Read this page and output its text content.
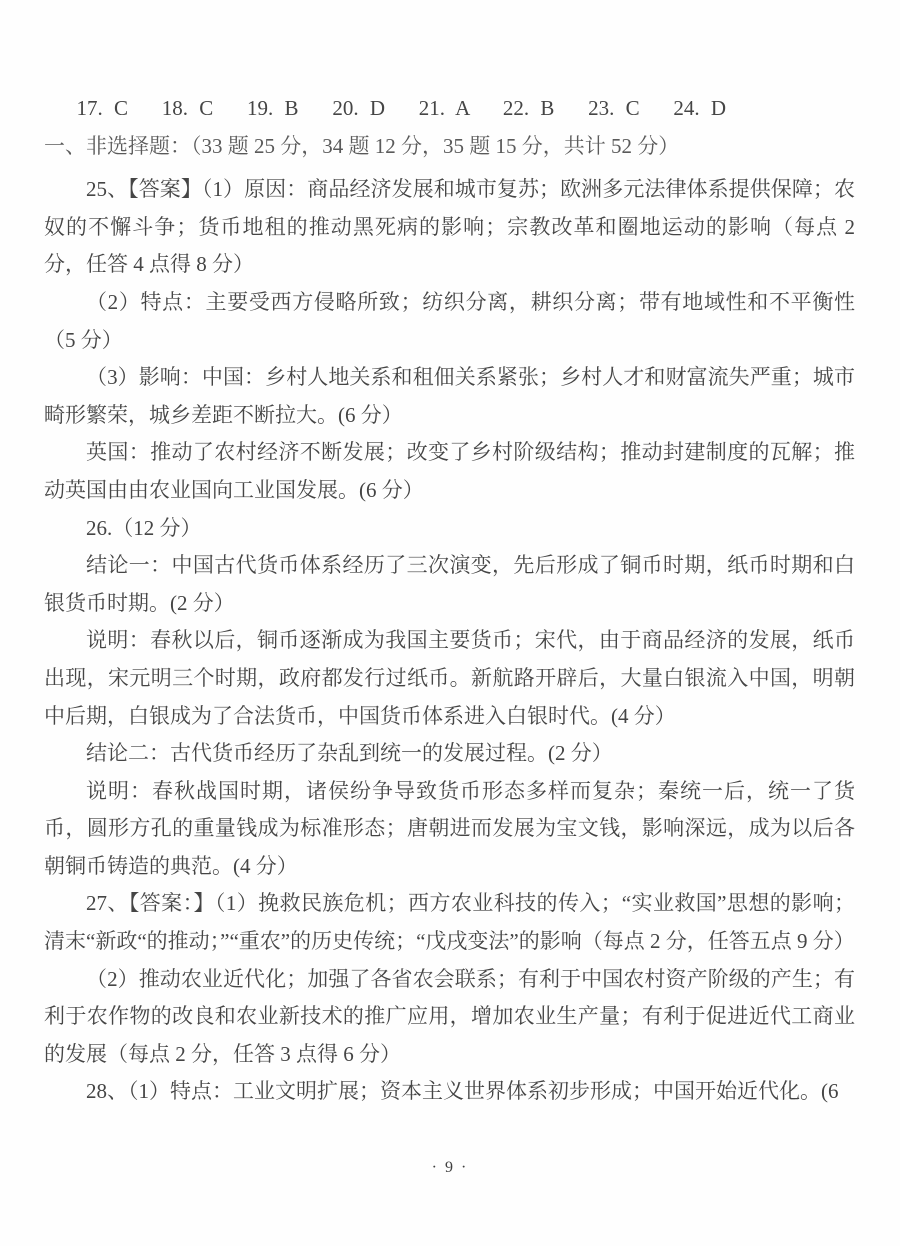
17. C   18. C   19. B   20. D   21. A   22. B   23. C   24. D

一、非选择题：（33 题 25 分，34 题 12 分，35 题 15 分，共计 52 分）

25、【答案】（1）原因：商品经济发展和城市复苏；欧洲多元法律体系提供保障；农奴的不懈斗争；货币地租的推动黑死病的影响；宗教改革和圈地运动的影响（每点 2 分，任答 4 点得 8 分）

（2）特点：主要受西方侵略所致；纺织分离，耕织分离；带有地域性和不平衡性（5 分）

（3）影响：中国：乡村人地关系和租佃关系紧张；乡村人才和财富流失严重；城市畸形繁荣，城乡差距不断拉大。(6 分）

英国：推动了农村经济不断发展；改变了乡村阶级结构；推动封建制度的瓦解；推动英国由由农业国向工业国发展。(6 分）

26.（12 分）

结论一：中国古代货币体系经历了三次演变，先后形成了铜币时期，纸币时期和白银货币时期。(2 分）

说明：春秋以后，铜币逐渐成为我国主要货币；宋代，由于商品经济的发展，纸币出现，宋元明三个时期，政府都发行过纸币。新航路开辟后，大量白银流入中国，明朝中后期，白银成为了合法货币，中国货币体系进入白银时代。(4 分）

结论二：古代货币经历了杂乱到统一的发展过程。(2 分）

说明：春秋战国时期，诸侯纷争导致货币形态多样而复杂；秦统一后，统一了货币，圆形方孔的重量钱成为标准形态；唐朝进而发展为宝文钱，影响深远，成为以后各朝铜币铸造的典范。(4 分）

27、【答案：】（1）挽救民族危机；西方农业科技的传入；“实业救国”思想的影响；清末“新政“的推动；”“重农”的历史传统；“戊戌变法”的影响（每点 2 分，任答五点 9 分）

（2）推动农业近代化；加强了各省农会联系；有利于中国农村资产阶级的产生；有利于农作物的改良和农业新技术的推广应用，增加农业生产量；有利于促进近代工商业的发展（每点 2 分，任答 3 点得 6 分）

28、（1）特点：工业文明扩展；资本主义世界体系初步形成；中国开始近代化。(6

· 9 ·
